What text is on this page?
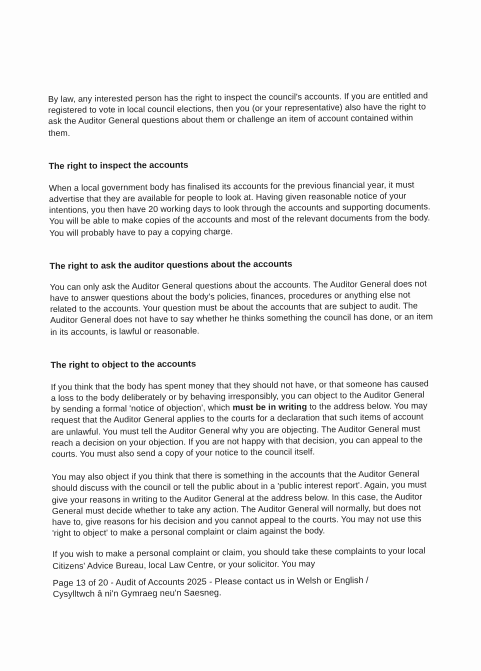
By law, any interested person has the right to inspect the council's accounts. If you are entitled and registered to vote in local council elections, then you (or your representative) also have the right to ask the Auditor General questions about them or challenge an item of account contained within them.

The right to inspect the accounts

When a local government body has finalised its accounts for the previous financial year, it must advertise that they are available for people to look at. Having given reasonable notice of your intentions, you then have 20 working days to look through the accounts and supporting documents. You will be able to make copies of the accounts and most of the relevant documents from the body. You will probably have to pay a copying charge.

The right to ask the auditor questions about the accounts

You can only ask the Auditor General questions about the accounts. The Auditor General does not have to answer questions about the body's policies, finances, procedures or anything else not related to the accounts. Your question must be about the accounts that are subject to audit. The Auditor General does not have to say whether he thinks something the council has done, or an item in its accounts, is lawful or reasonable.

The right to object to the accounts

If you think that the body has spent money that they should not have, or that someone has caused a loss to the body deliberately or by behaving irresponsibly, you can object to the Auditor General by sending a formal 'notice of objection', which must be in writing to the address below. You may request that the Auditor General applies to the courts for a declaration that such items of account are unlawful. You must tell the Auditor General why you are objecting. The Auditor General must reach a decision on your objection. If you are not happy with that decision, you can appeal to the courts. You must also send a copy of your notice to the council itself.

You may also object if you think that there is something in the accounts that the Auditor General should discuss with the council or tell the public about in a 'public interest report'. Again, you must give your reasons in writing to the Auditor General at the address below. In this case, the Auditor General must decide whether to take any action. The Auditor General will normally, but does not have to, give reasons for his decision and you cannot appeal to the courts. You may not use this 'right to object' to make a personal complaint or claim against the body.

If you wish to make a personal complaint or claim, you should take these complaints to your local Citizens' Advice Bureau, local Law Centre, or your solicitor. You may

Page 13 of 20 - Audit of Accounts 2025 - Please contact us in Welsh or English /

Cysylltwch â ni'n Gymraeg neu'n Saesneg.
